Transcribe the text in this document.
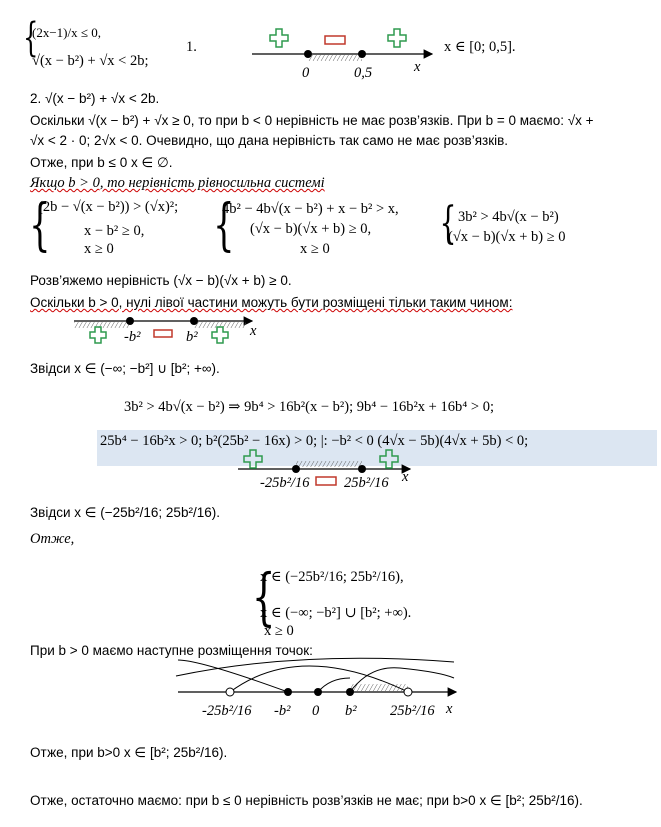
{
(2x−1)/x ≤ 0,
√(x − b²) + √x < 2b;
1.	x ∈ [0; 0,5].
0	0,5	x
2. √(x − b²) + √x < 2b.
Оскільки √(x − b²) + √x ≥ 0, то при b < 0 нерівність не має розв’язків. При b = 0 маємо: √x +
√x < 2 · 0; 2√x < 0. Очевидно, що дана нерівність так само не має розв’язків.
Отже, при b ≤ 0 x ∈ ∅.
Якщо b > 0, то нерівність рівносильна системі
{
(2b − √(x − b²)) > (√x)²;
x − b² ≥ 0,
x ≥ 0 {
4b² − 4b√(x − b²) + x − b² > x,
(√x − b)(√x + b) ≥ 0,
x ≥ 0 { 3b² > 4b√(x − b²)
(√x − b)(√x + b) ≥ 0
Розв’яжемо нерівність (√x − b)(√x + b) ≥ 0.
Оскільки b > 0, нулі лівої частини можуть бути розміщені тільки таким чином:
-b²	b²	x
Звідси x ∈ (−∞; −b²] ∪ [b²; +∞).
3b² > 4b√(x − b²) ⇒ 9b⁴ > 16b²(x − b²); 9b⁴ − 16b²x + 16b⁴ > 0;
25b⁴ − 16b²x > 0; b²(25b² − 16x) > 0; |: −b² < 0 (4√x − 5b)(4√x + 5b) < 0;
-25b²/16 25b²/16 x
Звідси x ∈ (−25b²/16; 25b²/16).
Отже,
{
x ∈ (−25b²/16; 25b²/16),
x ∈ (−∞; −b²] ∪ [b²; +∞).
x ≥ 0
При b > 0 маємо наступне розміщення точок:
-25b²/16 -b² 0 b² 25b²/16 x
Отже, при b>0 x ∈ [b²; 25b²/16).
Отже, остаточно маємо: при b ≤ 0 нерівність розв’язків не має; при b>0 x ∈ [b²; 25b²/16).
